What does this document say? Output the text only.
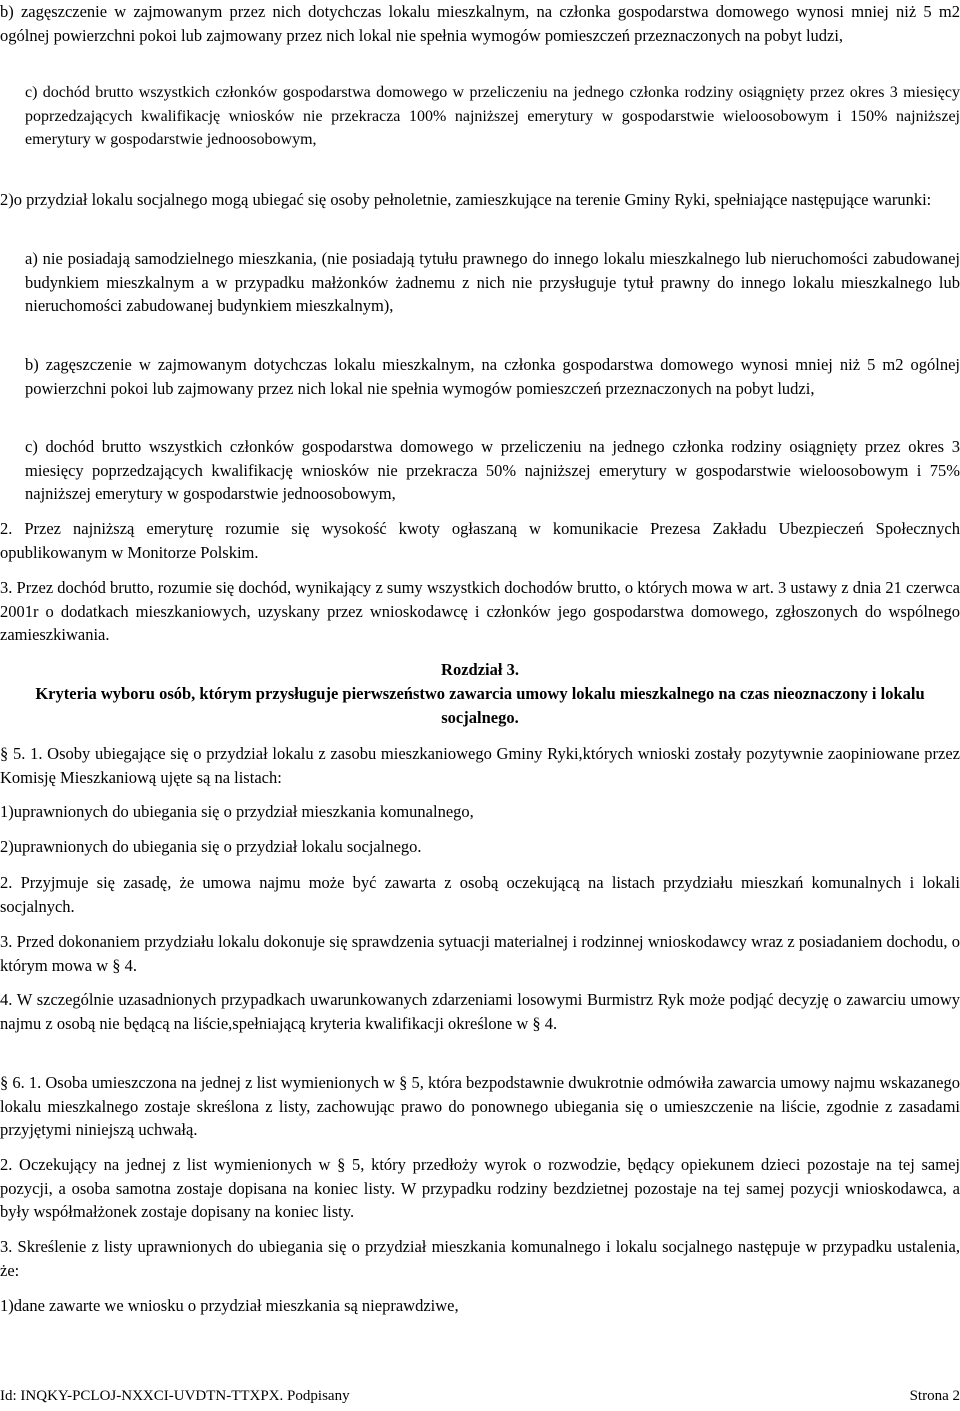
b) zagęszczenie w zajmowanym przez nich dotychczas lokalu mieszkalnym, na członka gospodarstwa domowego wynosi mniej niż 5 m2 ogólnej powierzchni pokoi lub zajmowany przez nich lokal nie spełnia wymogów pomieszczeń przeznaczonych na pobyt ludzi,

c) dochód brutto wszystkich członków gospodarstwa domowego w przeliczeniu na jednego członka rodziny osiągnięty przez okres 3 miesięcy poprzedzających kwalifikację wniosków nie przekracza 100% najniższej emerytury w gospodarstwie wieloosobowym i 150% najniższej emerytury w gospodarstwie jednoosobowym,

2)o przydział lokalu socjalnego mogą ubiegać się osoby pełnoletnie, zamieszkujące na terenie Gminy Ryki, spełniające następujące warunki:

a) nie posiadają samodzielnego mieszkania, (nie posiadają tytułu prawnego do innego lokalu mieszkalnego lub nieruchomości zabudowanej budynkiem mieszkalnym a w przypadku małżonków żadnemu z nich nie przysługuje tytuł prawny do innego lokalu mieszkalnego lub nieruchomości zabudowanej budynkiem mieszkalnym),

b) zagęszczenie w zajmowanym dotychczas lokalu mieszkalnym, na członka gospodarstwa domowego wynosi mniej niż 5 m2 ogólnej powierzchni pokoi lub zajmowany przez nich lokal nie spełnia wymogów pomieszczeń przeznaczonych na pobyt ludzi,

c) dochód brutto wszystkich członków gospodarstwa domowego w przeliczeniu na jednego członka rodziny osiągnięty przez okres 3 miesięcy poprzedzających kwalifikację wniosków nie przekracza 50% najniższej emerytury w gospodarstwie wieloosobowym i 75% najniższej emerytury w gospodarstwie jednoosobowym,

2. Przez najniższą emeryturę rozumie się wysokość kwoty ogłaszaną w komunikacie Prezesa Zakładu Ubezpieczeń Społecznych opublikowanym w Monitorze Polskim.

3. Przez dochód brutto, rozumie się dochód, wynikający z sumy wszystkich dochodów brutto, o których mowa w art. 3 ustawy z dnia 21 czerwca 2001r o dodatkach mieszkaniowych, uzyskany przez wnioskodawcę i członków jego gospodarstwa domowego, zgłoszonych do wspólnego zamieszkiwania.

Rozdział 3.

Kryteria wyboru osób, którym przysługuje pierwszeństwo zawarcia umowy lokalu mieszkalnego na czas nieoznaczony i lokalu socjalnego.

§ 5. 1. Osoby ubiegające się o przydział lokalu z zasobu mieszkaniowego Gminy Ryki,których wnioski zostały pozytywnie zaopiniowane przez Komisję Mieszkaniową ujęte są na listach:

1)uprawnionych do ubiegania się o przydział mieszkania komunalnego,

2)uprawnionych do ubiegania się o przydział lokalu socjalnego.

2. Przyjmuje się zasadę, że umowa najmu może być zawarta z osobą oczekującą na listach przydziału mieszkań komunalnych i lokali socjalnych.

3. Przed dokonaniem przydziału lokalu dokonuje się sprawdzenia sytuacji materialnej i rodzinnej wnioskodawcy wraz z posiadaniem dochodu, o którym mowa w § 4.

4. W szczególnie uzasadnionych przypadkach uwarunkowanych zdarzeniami losowymi Burmistrz Ryk może podjąć decyzję o zawarciu umowy najmu z osobą nie będącą na liście,spełniającą kryteria kwalifikacji określone w § 4.

§ 6. 1. Osoba umieszczona na jednej z list wymienionych w § 5, która bezpodstawnie dwukrotnie odmówiła zawarcia umowy najmu wskazanego lokalu mieszkalnego zostaje skreślona z listy, zachowując prawo do ponownego ubiegania się o umieszczenie na liście, zgodnie z zasadami przyjętymi niniejszą uchwałą.

2. Oczekujący na jednej z list wymienionych w § 5, który przedłoży wyrok o rozwodzie, będący opiekunem dzieci pozostaje na tej samej pozycji, a osoba samotna zostaje dopisana na koniec listy. W przypadku rodziny bezdzietnej pozostaje na tej samej pozycji wnioskodawca, a były współmałżonek zostaje dopisany na koniec listy.

3. Skreślenie z listy uprawnionych do ubiegania się o przydział mieszkania komunalnego i lokalu socjalnego następuje w przypadku ustalenia, że:

1)dane zawarte we wniosku o przydział mieszkania są nieprawdziwe,

Id: INQKY-PCLOJ-NXXCI-UVDTN-TTXPX. Podpisany	Strona 2
